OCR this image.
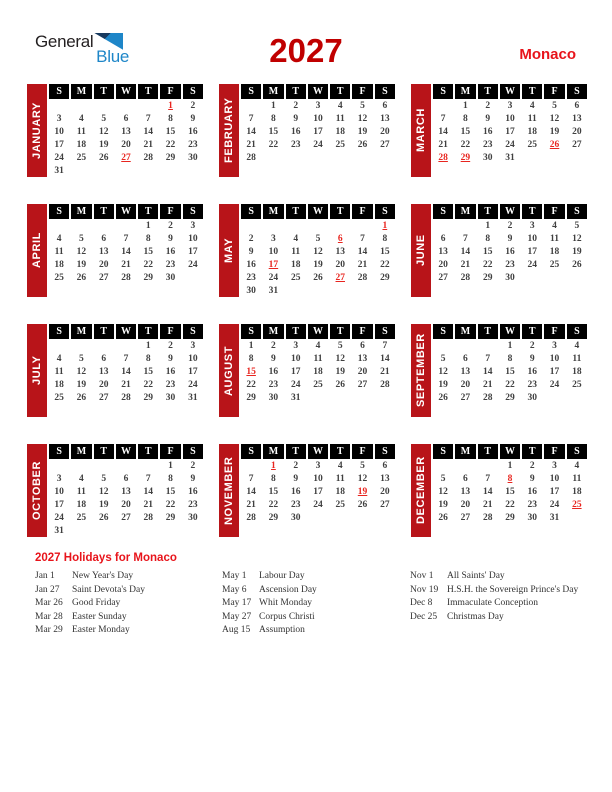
General
Blue	2027	Monaco
JANUARY
S	M	T	W	T	F	S
					1	2
3	4	5	6	7	8	9
10	11	12	13	14	15	16
17	18	19	20	21	22	23
24	25	26	27	28	29	30
31						
FEBRUARY
S	M	T	W	T	F	S
	1	2	3	4	5	6
7	8	9	10	11	12	13
14	15	16	17	18	19	20
21	22	23	24	25	26	27
28						

MARCH
S	M	T	W	T	F	S
	1	2	3	4	5	6
7	8	9	10	11	12	13
14	15	16	17	18	19	20
21	22	23	24	25	26	27
28	29	30	31			

APRIL
S	M	T	W	T	F	S
				1	2	3
4	5	6	7	8	9	10
11	12	13	14	15	16	17
18	19	20	21	22	23	24
25	26	27	28	29	30	

MAY
S	M	T	W	T	F	S
						1
2	3	4	5	6	7	8
9	10	11	12	13	14	15
16	17	18	19	20	21	22
23	24	25	26	27	28	29
30	31					
JUNE
S	M	T	W	T	F	S
		1	2	3	4	5
6	7	8	9	10	11	12
13	14	15	16	17	18	19
20	21	22	23	24	25	26
27	28	29	30			

JULY
S	M	T	W	T	F	S
				1	2	3
4	5	6	7	8	9	10
11	12	13	14	15	16	17
18	19	20	21	22	23	24
25	26	27	28	29	30	31

AUGUST
S	M	T	W	T	F	S
1	2	3	4	5	6	7
8	9	10	11	12	13	14
15	16	17	18	19	20	21
22	23	24	25	26	27	28
29	30	31				
							SEPTEMBER
S	M	T	W	T	F	S
			1	2	3	4
5	6	7	8	9	10	11
12	13	14	15	16	17	18
19	20	21	22	23	24	25
26	27	28	29	30		

OCTOBER
S	M	T	W	T	F	S
					1	2
3	4	5	6	7	8	9
10	11	12	13	14	15	16
17	18	19	20	21	22	23
24	25	26	27	28	29	30
31						
NOVEMBER
S	M	T	W	T	F	S
	1	2	3	4	5	6
7	8	9	10	11	12	13
14	15	16	17	18	19	20
21	22	23	24	25	26	27
28	29	30				
							DECEMBER
S	M	T	W	T	F	S
			1	2	3	4
5	6	7	8	9	10	11
12	13	14	15	16	17	18
19	20	21	22	23	24	25
26	27	28	29	30	31	

2027 Holidays for Monaco
Jan 1	New Year's Day
Jan 27	Saint Devota's Day
Mar 26 Good Friday
Mar 28 Easter Sunday
Mar 29 Easter Monday
May 1	Labour Day
May 6	Ascension Day
May 17 Whit Monday
May 27 Corpus Christi
Aug 15 Assumption
Nov 1	All Saints' Day
Nov 19 H.S.H. the Sovereign Prince's Day
Dec 8	Immaculate Conception
Dec 25	Christmas Day
